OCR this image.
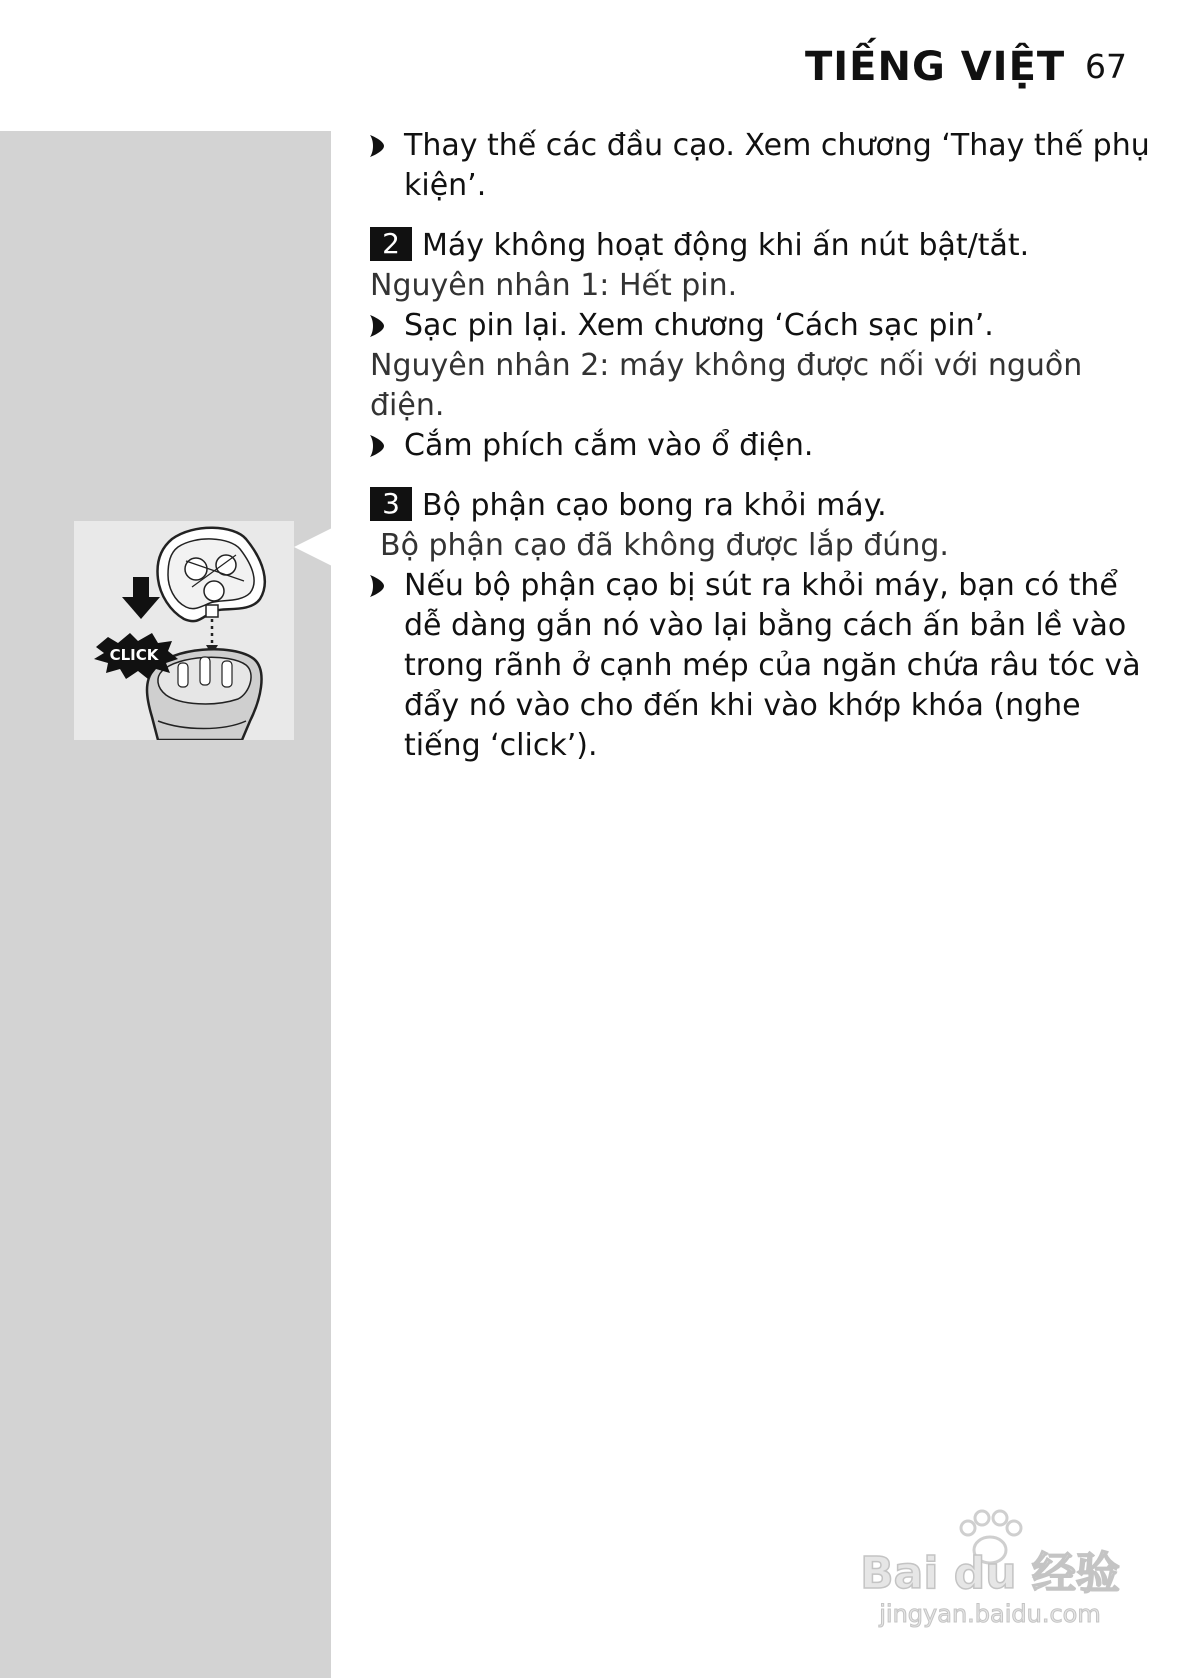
TIẾNG VIỆT 67
Thay thế các đầu cạo. Xem chương ‘Thay thế phụ kiện’.
2 Máy không hoạt động khi ấn nút bật/tắt.
Nguyên nhân 1: Hết pin.
Sạc pin lại. Xem chương ‘Cách sạc pin’.
Nguyên nhân 2: máy không được nối với nguồn điện.
Cắm phích cắm vào ổ điện.
3 Bộ phận cạo bong ra khỏi máy.
Bộ phận cạo đã không được lắp đúng.
Nếu bộ phận cạo bị sút ra khỏi máy, bạn có thể dễ dàng gắn nó vào lại bằng cách ấn bản lề vào trong rãnh ở cạnh mép của ngăn chứa râu tóc và đẩy nó vào cho đến khi vào khớp khóa (nghe tiếng ‘click’).
CLICK
Bai du 经验
jingyan.baidu.com
